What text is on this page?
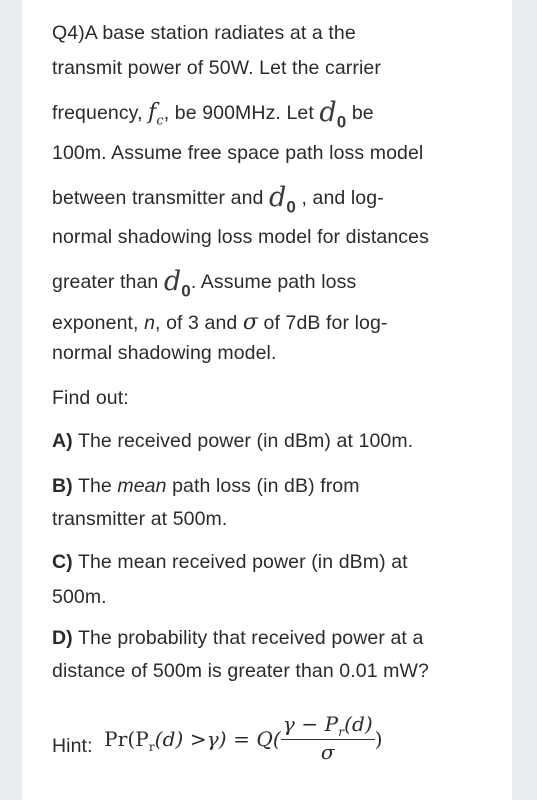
Q4)A base station radiates at a the
transmit power of 50W. Let the carrier
frequency, $f_c$, be 900MHz. Let $d_0$ be
100m. Assume free space path loss model
between transmitter and $d_0$ , and log-
normal shadowing loss model for distances
greater than $d_0$. Assume path loss
exponent, n, of 3 and σ of 7dB for log-
normal shadowing model.
Find out:
A) The received power (in dBm) at 100m.
B) The mean path loss (in dB) from
transmitter at 500m.
C) The mean received power (in dBm) at
500m.
D) The probability that received power at a
distance of 500m is greater than 0.01 mW?
Hint: $Pr(P_r(d) >\gamma) = Q( \frac{\gamma - P_r(d)}{\sigma}$ )
